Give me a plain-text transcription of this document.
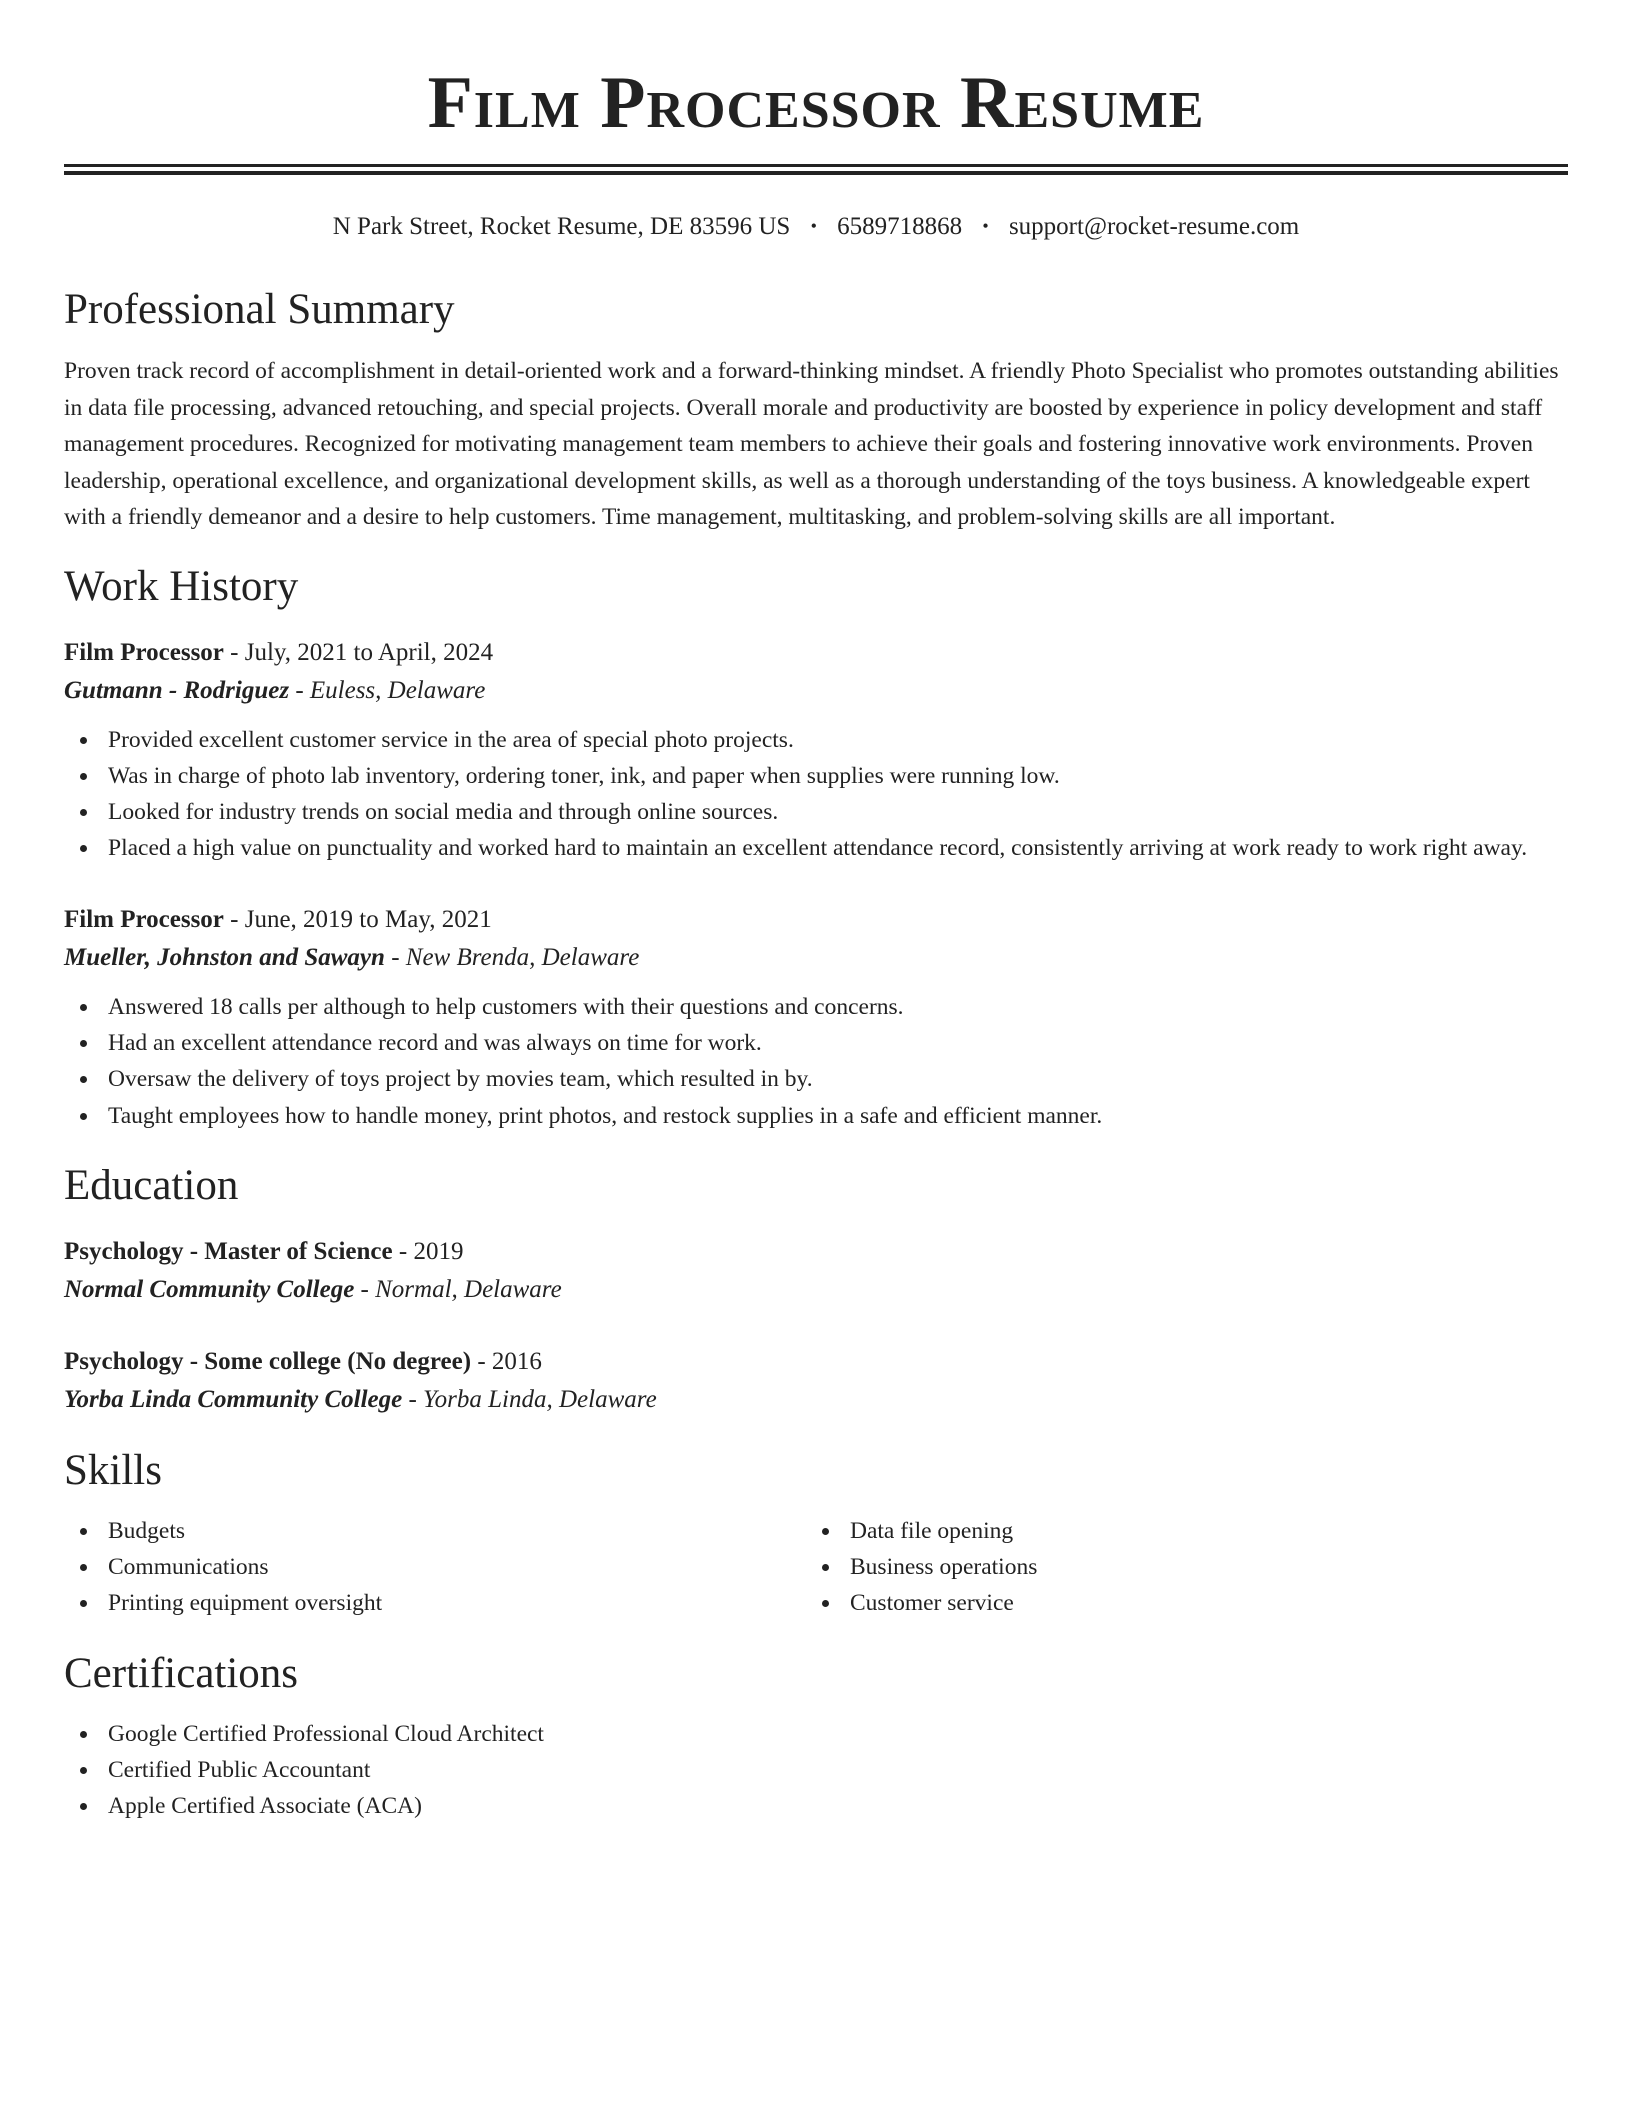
Film Processor Resume
N Park Street, Rocket Resume, DE 83596 US • 6589718868 • support@rocket-resume.com
Professional Summary
Proven track record of accomplishment in detail-oriented work and a forward-thinking mindset. A friendly Photo Specialist who promotes outstanding abilities in data file processing, advanced retouching, and special projects. Overall morale and productivity are boosted by experience in policy development and staff management procedures. Recognized for motivating management team members to achieve their goals and fostering innovative work environments. Proven leadership, operational excellence, and organizational development skills, as well as a thorough understanding of the toys business. A knowledgeable expert with a friendly demeanor and a desire to help customers. Time management, multitasking, and problem-solving skills are all important.
Work History
Film Processor - July, 2021 to April, 2024
Gutmann - Rodriguez - Euless, Delaware
Provided excellent customer service in the area of special photo projects.
Was in charge of photo lab inventory, ordering toner, ink, and paper when supplies were running low.
Looked for industry trends on social media and through online sources.
Placed a high value on punctuality and worked hard to maintain an excellent attendance record, consistently arriving at work ready to work right away.
Film Processor - June, 2019 to May, 2021
Mueller, Johnston and Sawayn - New Brenda, Delaware
Answered 18 calls per although to help customers with their questions and concerns.
Had an excellent attendance record and was always on time for work.
Oversaw the delivery of toys project by movies team, which resulted in by.
Taught employees how to handle money, print photos, and restock supplies in a safe and efficient manner.
Education
Psychology - Master of Science - 2019
Normal Community College - Normal, Delaware
Psychology - Some college (No degree) - 2016
Yorba Linda Community College - Yorba Linda, Delaware
Skills
Budgets
Communications
Printing equipment oversight
Data file opening
Business operations
Customer service
Certifications
Google Certified Professional Cloud Architect
Certified Public Accountant
Apple Certified Associate (ACA)
